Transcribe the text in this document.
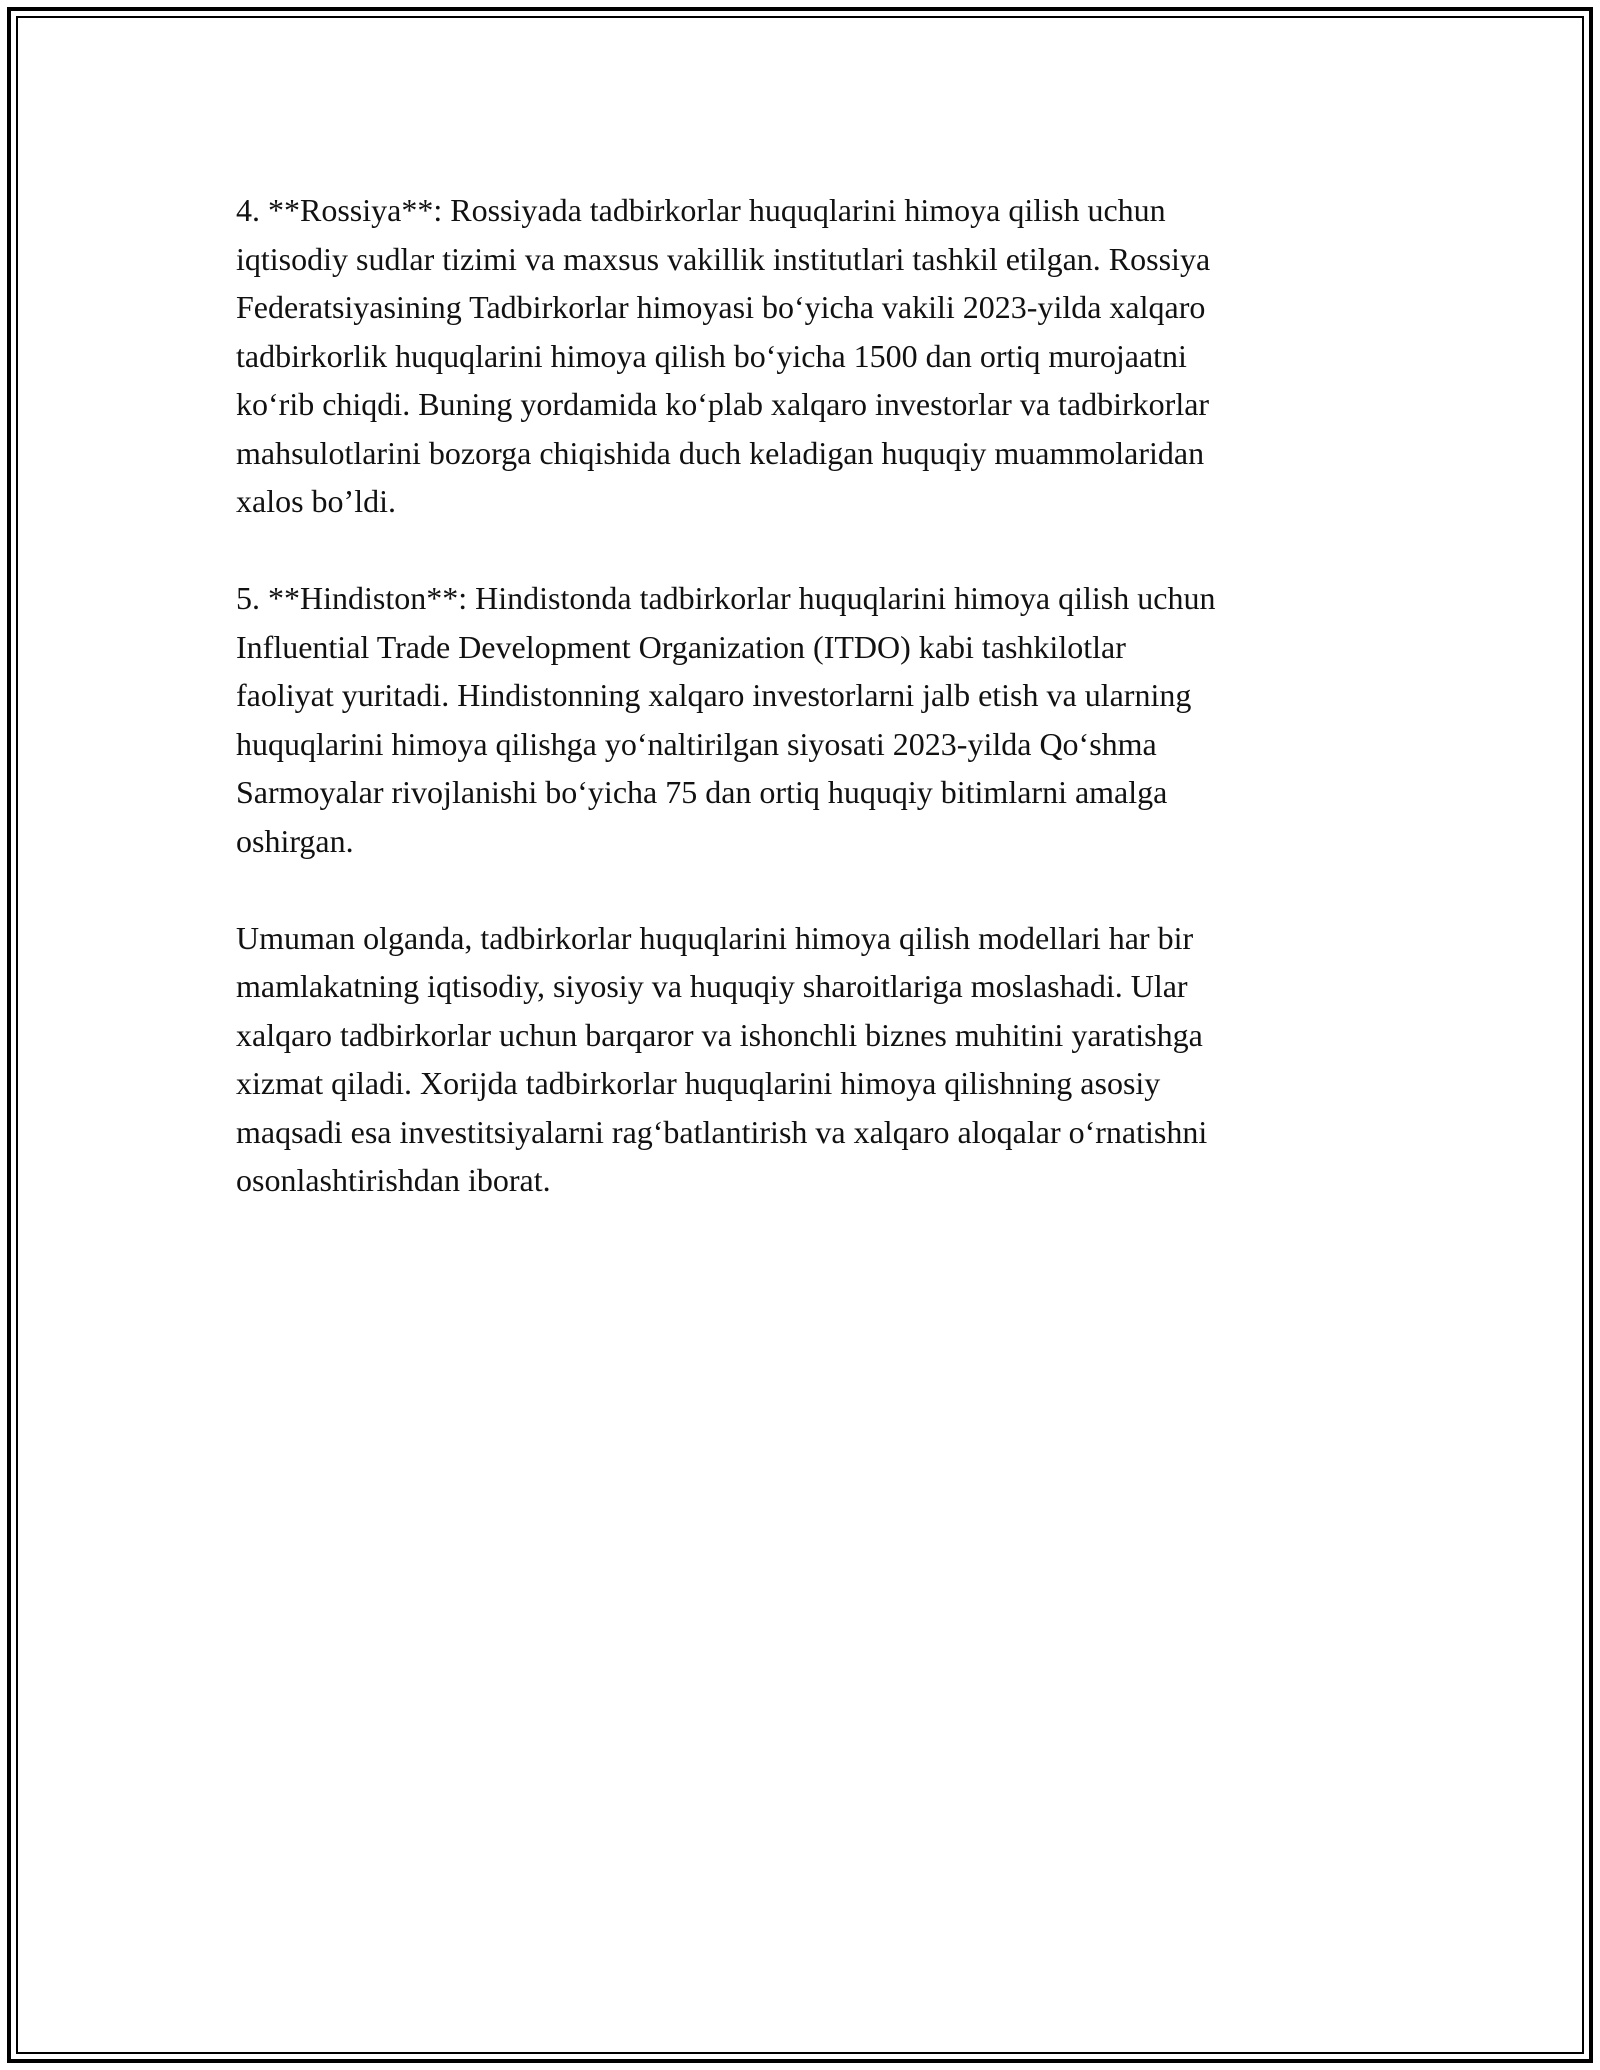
4. **Rossiya**: Rossiyada tadbirkorlar huquqlarini himoya qilish uchun
iqtisodiy sudlar tizimi va maxsus vakillik institutlari tashkil etilgan. Rossiya
Federatsiyasining Tadbirkorlar himoyasi bo‘yicha vakili 2023-yilda xalqaro
tadbirkorlik huquqlarini himoya qilish bo‘yicha 1500 dan ortiq murojaatni
ko‘rib chiqdi. Buning yordamida ko‘plab xalqaro investorlar va tadbirkorlar
mahsulotlarini bozorga chiqishida duch keladigan huquqiy muammolaridan
xalos bo’ldi.

5. **Hindiston**: Hindistonda tadbirkorlar huquqlarini himoya qilish uchun
Influential Trade Development Organization (ITDO) kabi tashkilotlar
faoliyat yuritadi. Hindistonning xalqaro investorlarni jalb etish va ularning
huquqlarini himoya qilishga yo‘naltirilgan siyosati 2023-yilda Qo‘shma
Sarmoyalar rivojlanishi bo‘yicha 75 dan ortiq huquqiy bitimlarni amalga
oshirgan.

Umuman olganda, tadbirkorlar huquqlarini himoya qilish modellari har bir
mamlakatning iqtisodiy, siyosiy va huquqiy sharoitlariga moslashadi. Ular
xalqaro tadbirkorlar uchun barqaror va ishonchli biznes muhitini yaratishga
xizmat qiladi. Xorijda tadbirkorlar huquqlarini himoya qilishning asosiy
maqsadi esa investitsiyalarni rag‘batlantirish va xalqaro aloqalar o‘rnatishni
osonlashtirishdan iborat.
